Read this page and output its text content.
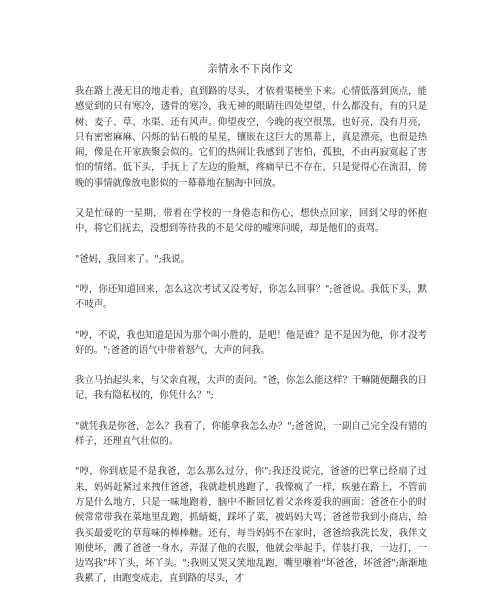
亲情永不下岗作文

我在路上漫无目的地走着，直到路的尽头，才依着渠梗坐下来。心情低落到顶点，能感觉到的只有寒冷，透骨的寒冷，我无神的眼睛往四处望望，什么都没有，有的只是树、麦子、草、水渠、还有风声。仰望夜空，今晚的夜空很黑，也好亮，没有月亮，只有密密麻麻、闪烁的钻石般的星星，镶嵌在这巨大的黑幕上，真是漂亮，也很是热闹，像是在开家族聚会似的。它们的热闹让我感到了害怕，孤独，不由再寂寞起了害怕的情绪。低下头，手抚上了左边的脸颊，疼痛早已不存在，只是觉得心在流泪，傍晚的事情就像放电影似的一幕幕地在脑海中回放。

又是忙碌的一星期，带着在学校的一身倦态和伤心，想快点回家，回到父母的怀抱中，将它们抚去，没想到等待我的不是父母的嘘寒问暖，却是他们的责骂。

"爸妈，我回来了。";我说。

"哼，你还知道回来，怎么这次考试又没考好，你怎么回事？";爸爸说。我低下头，默不吱声。

"哼，不说，我也知道是因为那个叫小胜的，是吧！他是谁？是不是因为他，你才没考好的。";爸爸的语气中带着怒气，大声的问我。

我立马抬起头来，与父亲直视，大声的责问。"爸，你怎么能这样？干嘛随便翻我的日记，我有隐私权的，你凭什么？";

"就凭我是你爸，怎么？我看了，你能拿我怎么办？";爸爸说，一副自己完全没有错的样子，还理直气壮似的。

"哼，你到底是不是我爸，怎么那么过分，你";我还没说完，爸爸的巴掌已经扇了过来，妈妈赶紧过来拽住爸爸，我就趁机逃跑了，我像疯了一样，疾驰在路上，不管前方是什么地方，只是一味地跑着，脑中不断回忆着父亲疼爱我的画面：爸爸在小的时候常常带我在菜地里乱跑，抓蜻蜓，踩坏了菜，被妈妈大骂；爸爸带我到小商店，给我买最爱吃的草莓味的棒棒糖。还有，每当妈妈不在家时，爸爸给我洗长发，我伴文刚使坏，溅了爸爸一身水，弄湿了他的衣服，他就会举起手，佯装打我，一边打，一边骂我"坏丫头，坏丫头。";我则又哭又笑地乱跑，嘴里嚷着"坏爸爸，坏爸爸";渐渐地我累了，由跑变成走，直到路的尽头，才
